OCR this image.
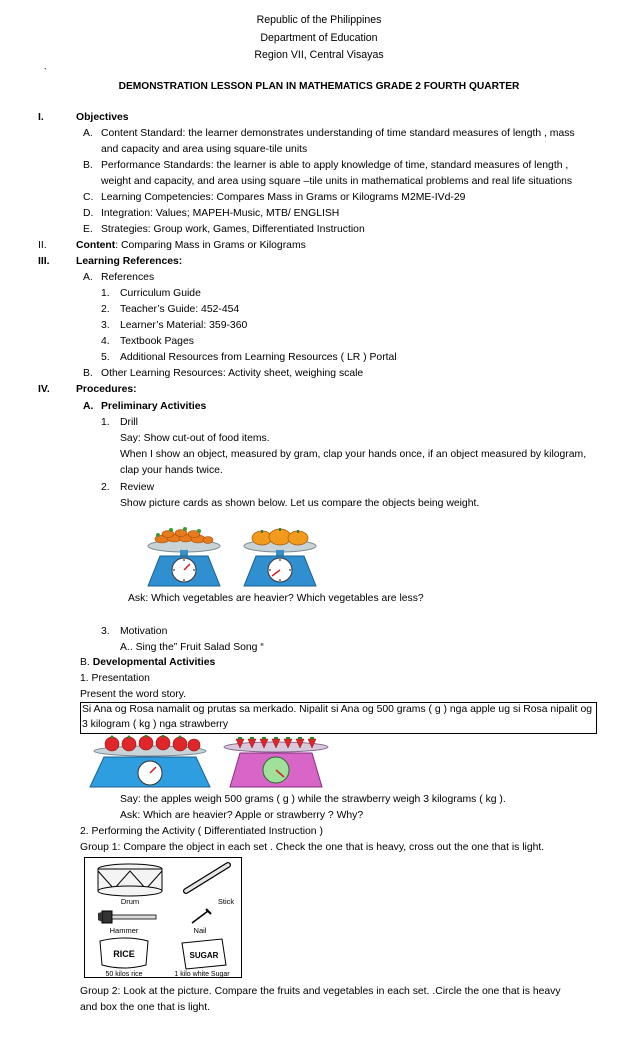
Republic of the Philippines
Department of Education
Region VII, Central Visayas
`
DEMONSTRATION LESSON PLAN IN MATHEMATICS GRADE 2 FOURTH QUARTER
I.	Objectives
A. Content Standard: the learner demonstrates understanding of time standard measures of length , mass
and capacity and area using square-tile units
B. Performance Standards: the learner is able to apply knowledge of time, standard measures of length ,
weight and capacity, and area using square –tile units in mathematical problems and real life situations
C. Learning Competencies: Compares Mass in Grams or Kilograms M2ME-IVd-29
D. Integration: Values; MAPEH-Music, MTB/ ENGLISH
E. Strategies: Group work, Games, Differentiated Instruction
II.	Content: Comparing Mass in Grams or Kilograms
III.	Learning References:
A. References
1. Curriculum Guide
2. Teacher’s Guide: 452-454
3. Learner’s Material: 359-360
4. Textbook Pages
5. Additional Resources from Learning Resources ( LR ) Portal
B. Other Learning Resources: Activity sheet, weighing scale
IV.	Procedures:
A. Preliminary Activities
1. Drill
Say: Show cut-out of food items.
When I show an object, measured by gram, clap your hands once, if an object measured by kilogram,
clap your hands twice.
2. Review
Show picture cards as shown below. Let us compare the objects being weight.
Ask: Which vegetables are heavier? Which vegetables are less?
3. Motivation
A.. Sing the” Fruit Salad Song “
B. Developmental Activities
1. Presentation
Present the word story.
Si Ana og Rosa namalit og prutas sa merkado. Nipalit si Ana og 500 grams ( g ) nga apple ug si Rosa nipalit og
3 kilogram ( kg ) nga strawberry
Say: the apples weigh 500 grams ( g ) while the strawberry weigh 3 kilograms ( kg ).
Ask: Which are heavier? Apple or strawberry ? Why?
2. Performing the Activity ( Differentiated Instruction )
Group 1: Compare the object in each set . Check the one that is heavy, cross out the one that is light.
Drum	Stick
Hammer	Nail
RICE	SUGAR
50 kilos rice	1 kilo white Sugar
Group 2: Look at the picture. Compare the fruits and vegetables in each set. .Circle the one that is heavy
and box the one that is light.
